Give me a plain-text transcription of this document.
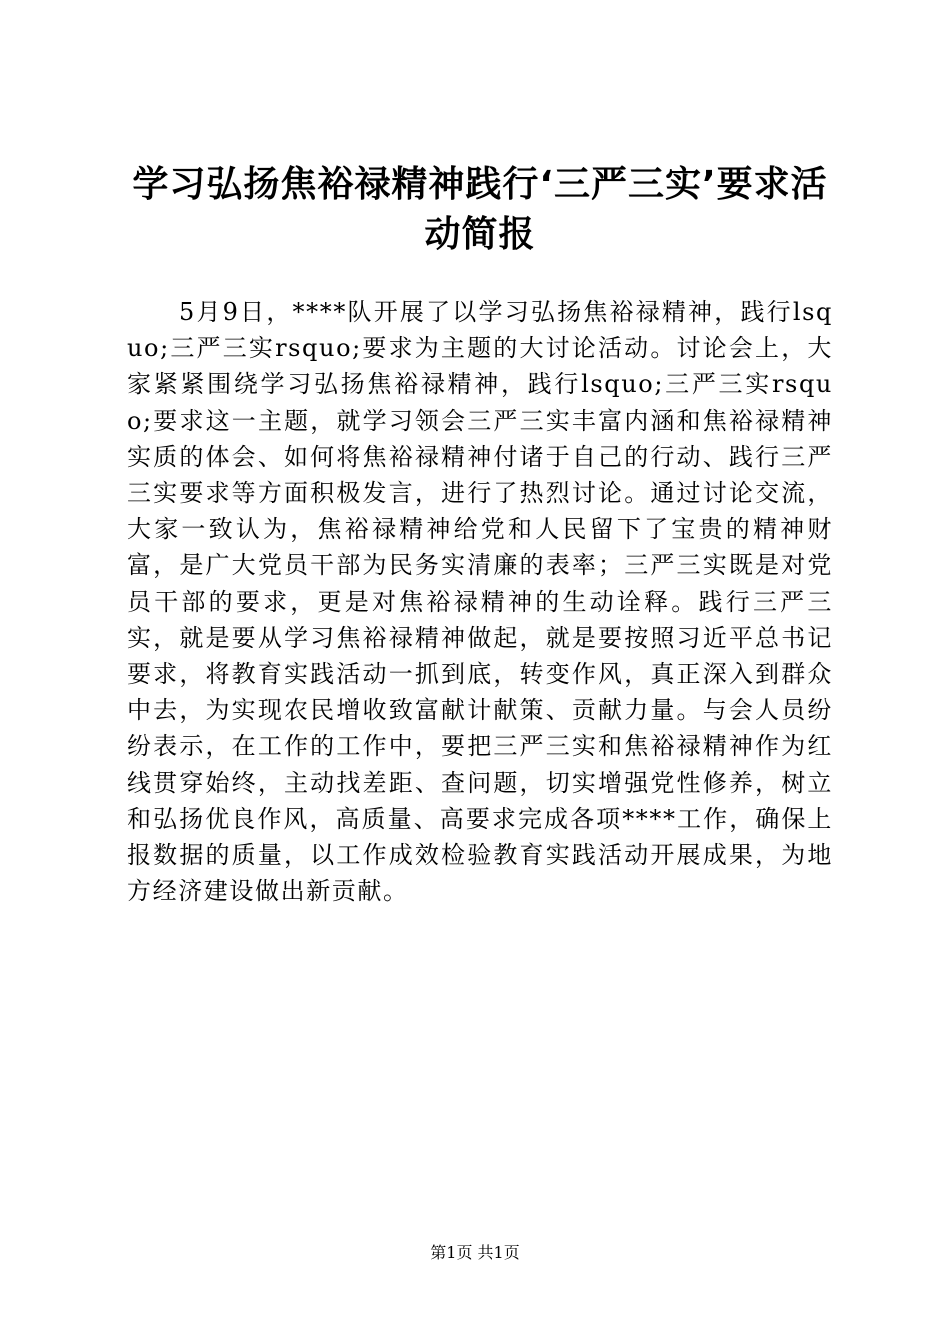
学习弘扬焦裕禄精神践行‘三严三实’要求活动简报

5月9日，****队开展了以学习弘扬焦裕禄精神，践行lsquo;三严三实rsquo;要求为主题的大讨论活动。讨论会上，大家紧紧围绕学习弘扬焦裕禄精神，践行lsquo;三严三实rsquo;要求这一主题，就学习领会三严三实丰富内涵和焦裕禄精神实质的体会、如何将焦裕禄精神付诸于自己的行动、践行三严三实要求等方面积极发言，进行了热烈讨论。通过讨论交流，大家一致认为，焦裕禄精神给党和人民留下了宝贵的精神财富，是广大党员干部为民务实清廉的表率；三严三实既是对党员干部的要求，更是对焦裕禄精神的生动诠释。践行三严三实，就是要从学习焦裕禄精神做起，就是要按照习近平总书记要求，将教育实践活动一抓到底，转变作风，真正深入到群众中去，为实现农民增收致富献计献策、贡献力量。与会人员纷纷表示，在工作的工作中，要把三严三实和焦裕禄精神作为红线贯穿始终，主动找差距、查问题，切实增强党性修养，树立和弘扬优良作风，高质量、高要求完成各项****工作，确保上报数据的质量，以工作成效检验教育实践活动开展成果，为地方经济建设做出新贡献。

第1页 共1页
